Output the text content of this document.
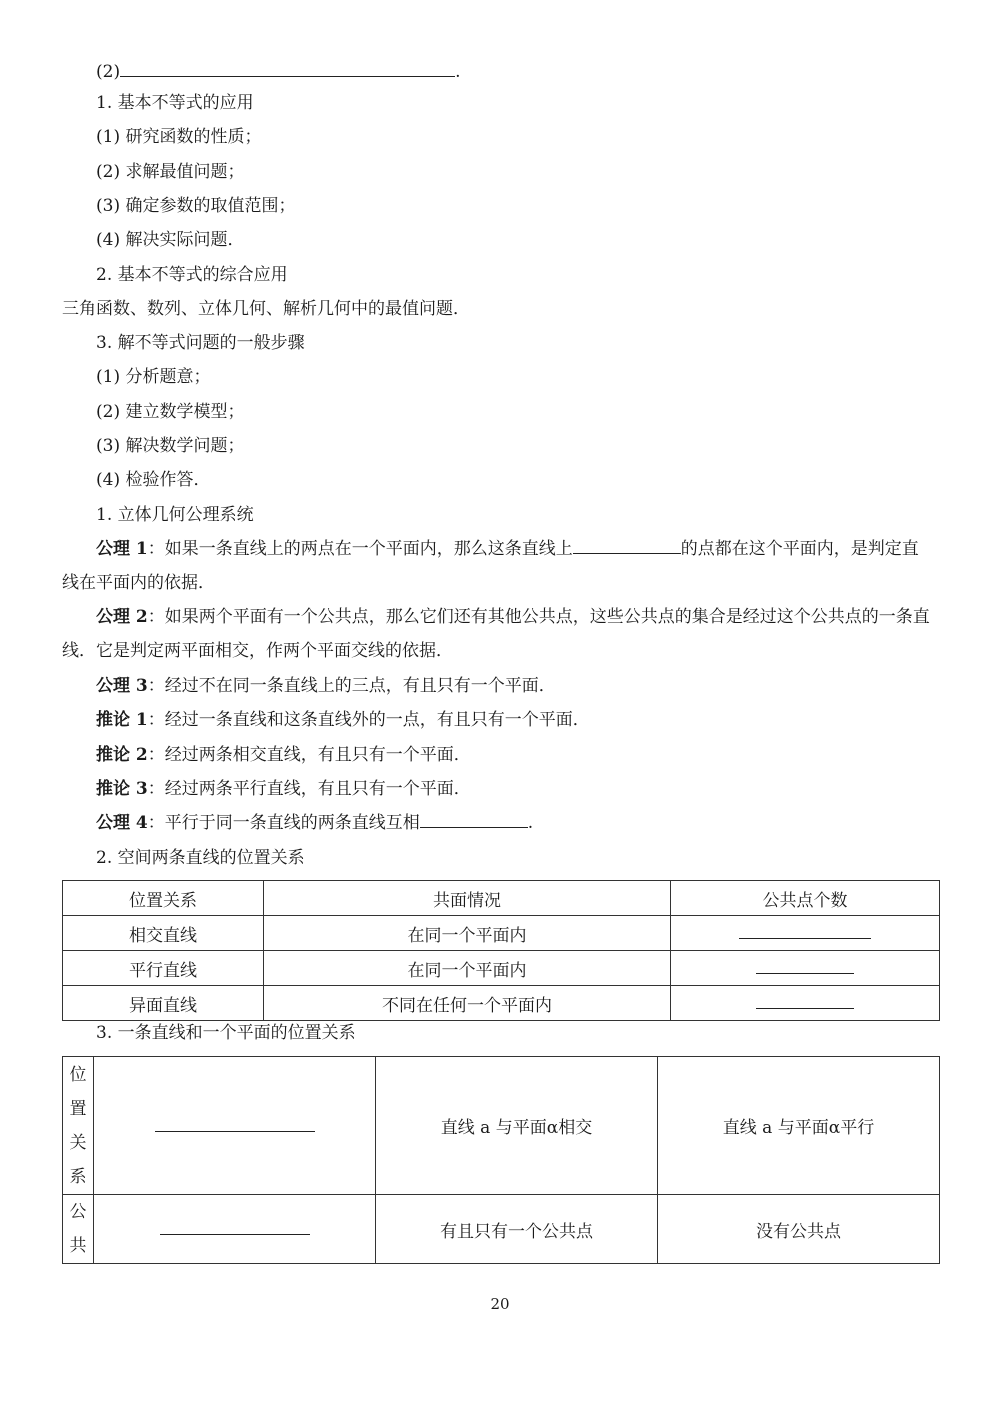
(2)	.
1. 基本不等式的应用
(1) 研究函数的性质；
(2) 求解最值问题；
(3) 确定参数的取值范围；
(4) 解决实际问题．
2. 基本不等式的综合应用
三角函数、数列、立体几何、解析几何中的最值问题．
3. 解不等式问题的一般步骤
(1) 分析题意；
(2) 建立数学模型；
(3) 解决数学问题；
(4) 检验作答．
1. 立体几何公理系统
公理 1：如果一条直线上的两点在一个平面内，那么这条直线上	的点都在这个平面内，是判定直
线在平面内的依据．
公理 2：如果两个平面有一个公共点，那么它们还有其他公共点，这些公共点的集合是经过这个公共点的一条直线．它是判定两平面相交，作两个平面交线的依据．
公理 3：经过不在同一条直线上的三点，有且只有一个平面．
推论 1：经过一条直线和这条直线外的一点，有且只有一个平面．
推论 2：经过两条相交直线，有且只有一个平面．
推论 3：经过两条平行直线，有且只有一个平面．
公理 4：平行于同一条直线的两条直线互相	.
2. 空间两条直线的位置关系
位置关系	共面情况	公共点个数
相交直线	在同一个平面内	
平行直线	在同一个平面内	
异面直线	不同在任何一个平面内	
3. 一条直线和一个平面的位置关系
位
置
关
系		直线 a 与平面α相交	直线 a 与平面α平行

公
共		有且只有一个公共点	没有公共点
20
